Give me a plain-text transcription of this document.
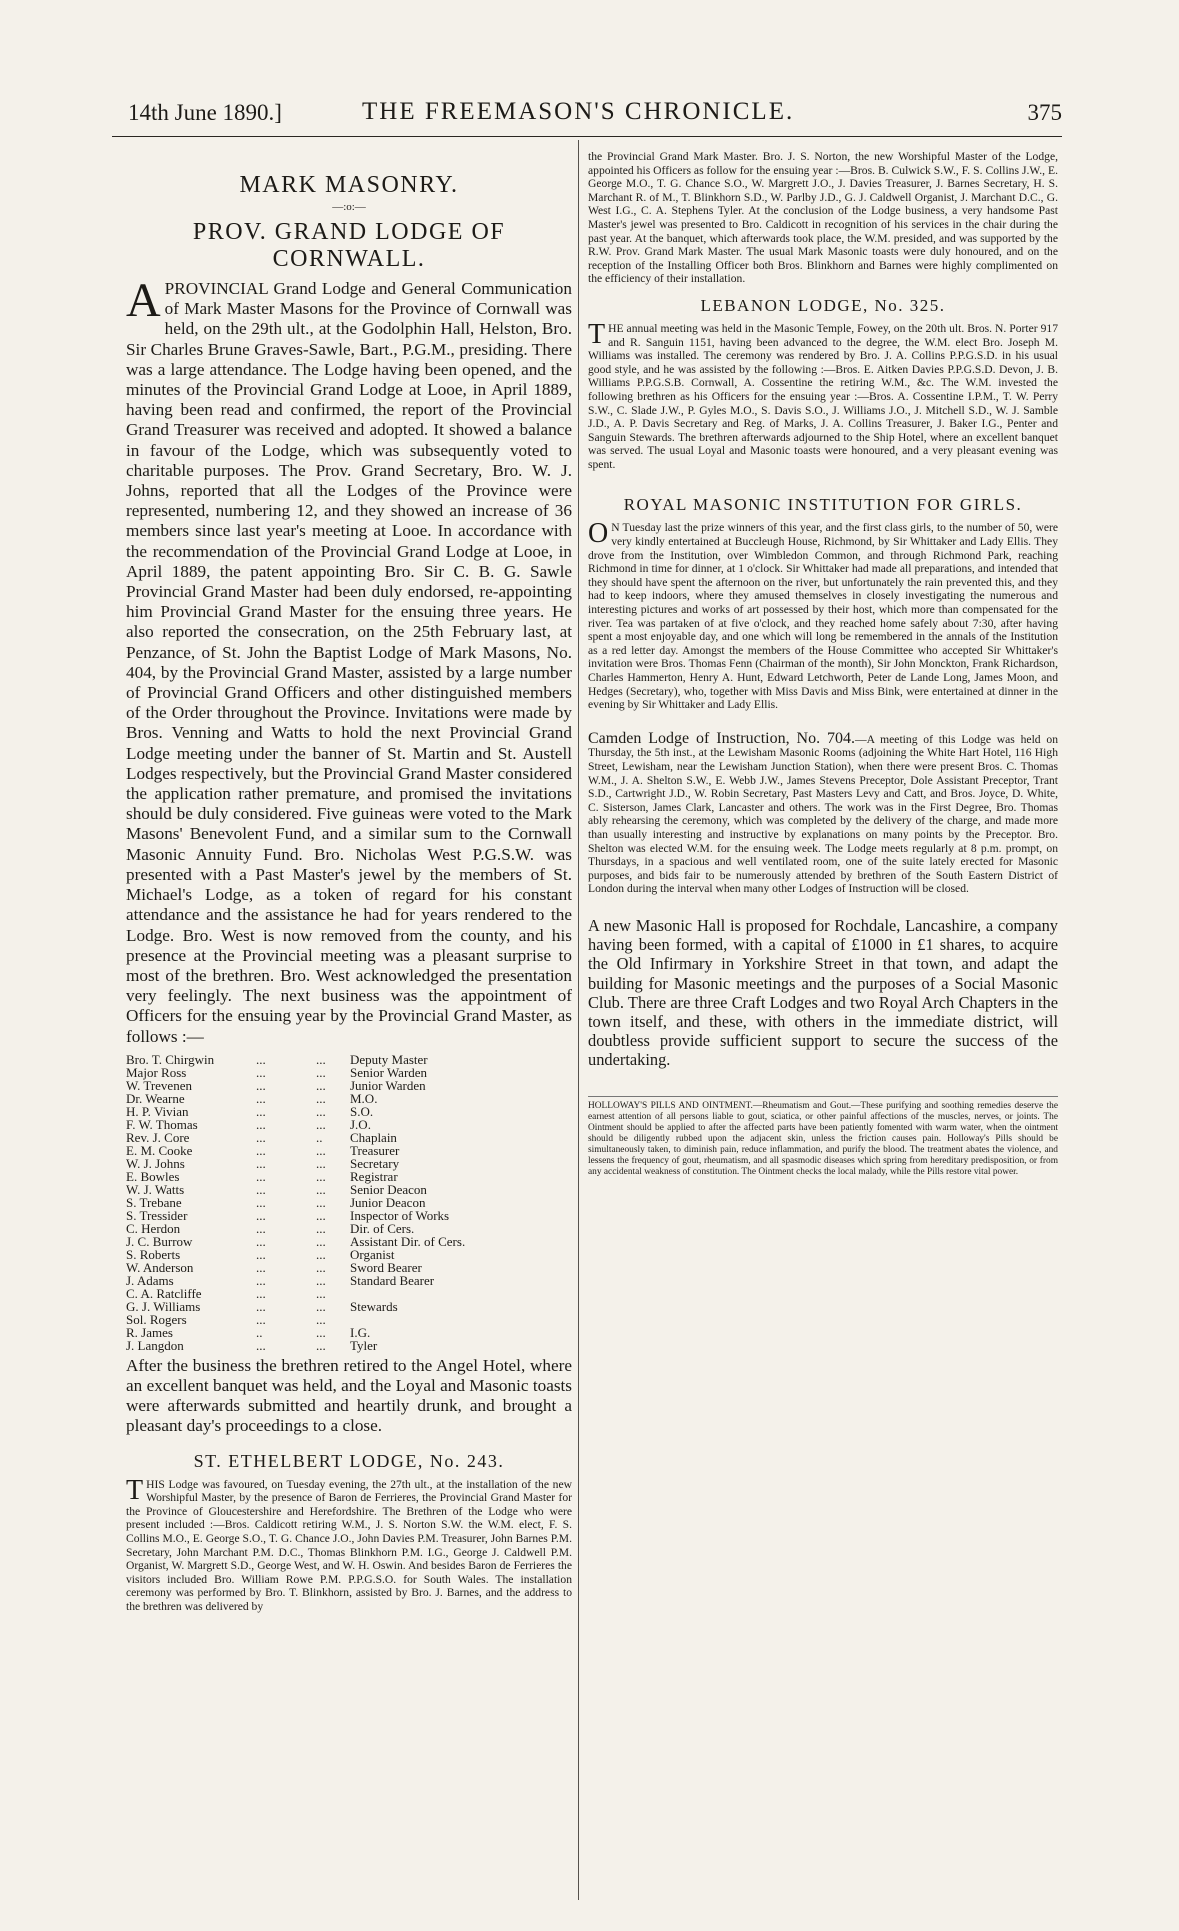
14th June 1890.]	THE FREEMASON'S CHRONICLE.	375
MARK MASONRY.
—:o:—
PROV. GRAND LODGE OF CORNWALL.

APROVINCIAL Grand Lodge and General Communication of Mark Master Masons for the Province of Cornwall was held, on the 29th ult., at the Godolphin Hall, Helston, Bro. Sir Charles Brune Graves-Sawle, Bart., P.G.M., presiding. There was a large attendance. The Lodge having been opened, and the minutes of the Provincial Grand Lodge at Looe, in April 1889, having been read and confirmed, the report of the Provincial Grand Treasurer was received and adopted. It showed a balance in favour of the Lodge, which was subsequently voted to charitable purposes. The Prov. Grand Secretary, Bro. W. J. Johns, reported that all the Lodges of the Province were represented, numbering 12, and they showed an increase of 36 members since last year's meeting at Looe. In accordance with the recommendation of the Provincial Grand Lodge at Looe, in April 1889, the patent appointing Bro. Sir C. B. G. Sawle Provincial Grand Master had been duly endorsed, re-appointing him Provincial Grand Master for the ensuing three years. He also reported the consecration, on the 25th February last, at Penzance, of St. John the Baptist Lodge of Mark Masons, No. 404, by the Provincial Grand Master, assisted by a large number of Provincial Grand Officers and other distinguished members of the Order throughout the Province. Invitations were made by Bros. Venning and Watts to hold the next Provincial Grand Lodge meeting under the banner of St. Martin and St. Austell Lodges respectively, but the Provincial Grand Master considered the application rather premature, and promised the invitations should be duly considered. Five guineas were voted to the Mark Masons' Benevolent Fund, and a similar sum to the Cornwall Masonic Annuity Fund. Bro. Nicholas West P.G.S.W. was presented with a Past Master's jewel by the members of St. Michael's Lodge, as a token of regard for his constant attendance and the assistance he had for years rendered to the Lodge. Bro. West is now removed from the county, and his presence at the Provincial meeting was a pleasant surprise to most of the brethren. Bro. West acknowledged the presentation very feelingly. The next business was the appointment of Officers for the ensuing year by the Provincial Grand Master, as follows :—

Bro. T. Chirgwin	...	...	Deputy Master
Major Ross	...	...	Senior Warden
W. Trevenen	...	...	Junior Warden
Dr. Wearne	...	...	M.O.
H. P. Vivian	...	...	S.O.
F. W. Thomas	...	...	J.O.
Rev. J. Core	...	..	Chaplain
E. M. Cooke	...	...	Treasurer
W. J. Johns	...	...	Secretary
E. Bowles	...	...	Registrar
W. J. Watts	...	...	Senior Deacon
S. Trebane	...	...	Junior Deacon
S. Tressider	...	...	Inspector of Works
C. Herdon	...	...	Dir. of Cers.
J. C. Burrow	...	...	Assistant Dir. of Cers.
S. Roberts	...	...	Organist
W. Anderson	...	...	Sword Bearer
J. Adams	...	...	Standard Bearer
C. A. Ratcliffe	...	...	
G. J. Williams	...	...	Stewards
Sol. Rogers	...	...	
R. James	..	...	I.G.
J. Langdon	...	...	Tyler

After the business the brethren retired to the Angel Hotel, where an excellent banquet was held, and the Loyal and Masonic toasts were afterwards submitted and heartily drunk, and brought a pleasant day's proceedings to a close.

ST. ETHELBERT LODGE, No. 243.

THIS Lodge was favoured, on Tuesday evening, the 27th ult., at the installation of the new Worshipful Master, by the presence of Baron de Ferrieres, the Provincial Grand Master for the Province of Gloucestershire and Herefordshire. The Brethren of the Lodge who were present included :—Bros. Caldicott retiring W.M., J. S. Norton S.W. the W.M. elect, F. S. Collins M.O., E. George S.O., T. G. Chance J.O., John Davies P.M. Treasurer, John Barnes P.M. Secretary, John Marchant P.M. D.C., Thomas Blinkhorn P.M. I.G., George J. Caldwell P.M. Organist, W. Margrett S.D., George West, and W. H. Oswin. And besides Baron de Ferrieres the visitors included Bro. William Rowe P.M. P.P.G.S.O. for South Wales. The installation ceremony was performed by Bro. T. Blinkhorn, assisted by Bro. J. Barnes, and the address to the brethren was delivered by

the Provincial Grand Mark Master. Bro. J. S. Norton, the new Worshipful Master of the Lodge, appointed his Officers as follow for the ensuing year :—Bros. B. Culwick S.W., F. S. Collins J.W., E. George M.O., T. G. Chance S.O., W. Margrett J.O., J. Davies Treasurer, J. Barnes Secretary, H. S. Marchant R. of M., T. Blinkhorn S.D., W. Parlby J.D., G. J. Caldwell Organist, J. Marchant D.C., G. West I.G., C. A. Stephens Tyler. At the conclusion of the Lodge business, a very handsome Past Master's jewel was presented to Bro. Caldicott in recognition of his services in the chair during the past year. At the banquet, which afterwards took place, the W.M. presided, and was supported by the R.W. Prov. Grand Mark Master. The usual Mark Masonic toasts were duly honoured, and on the reception of the Installing Officer both Bros. Blinkhorn and Barnes were highly complimented on the efficiency of their installation.

LEBANON LODGE, No. 325.

THE annual meeting was held in the Masonic Temple, Fowey, on the 20th ult. Bros. N. Porter 917 and R. Sanguin 1151, having been advanced to the degree, the W.M. elect Bro. Joseph M. Williams was installed. The ceremony was rendered by Bro. J. A. Collins P.P.G.S.D. in his usual good style, and he was assisted by the following :—Bros. E. Aitken Davies P.P.G.S.D. Devon, J. B. Williams P.P.G.S.B. Cornwall, A. Cossentine the retiring W.M., &c. The W.M. invested the following brethren as his Officers for the ensuing year :—Bros. A. Cossentine I.P.M., T. W. Perry S.W., C. Slade J.W., P. Gyles M.O., S. Davis S.O., J. Williams J.O., J. Mitchell S.D., W. J. Samble J.D., A. P. Davis Secretary and Reg. of Marks, J. A. Collins Treasurer, J. Baker I.G., Penter and Sanguin Stewards. The brethren afterwards adjourned to the Ship Hotel, where an excellent banquet was served. The usual Loyal and Masonic toasts were honoured, and a very pleasant evening was spent.

ROYAL MASONIC INSTITUTION FOR GIRLS.

O N Tuesday last the prize winners of this year, and the first class girls, to the number of 50, were very kindly entertained at Buccleugh House, Richmond, by Sir Whittaker and Lady Ellis. They drove from the Institution, over Wimbledon Common, and through Richmond Park, reaching Richmond in time for dinner, at 1 o'clock. Sir Whittaker had made all preparations, and intended that they should have spent the afternoon on the river, but unfortunately the rain prevented this, and they had to keep indoors, where they amused themselves in closely investigating the numerous and interesting pictures and works of art possessed by their host, which more than compensated for the river. Tea was partaken of at five o'clock, and they reached home safely about 7:30, after having spent a most enjoyable day, and one which will long be remembered in the annals of the Institution as a red letter day. Amongst the members of the House Committee who accepted Sir Whittaker's invitation were Bros. Thomas Fenn (Chairman of the month), Sir John Monckton, Frank Richardson, Charles Hammerton, Henry A. Hunt, Edward Letchworth, Peter de Lande Long, James Moon, and Hedges (Secretary), who, together with Miss Davis and Miss Bink, were entertained at dinner in the evening by Sir Whittaker and Lady Ellis.

Camden Lodge of Instruction, No. 704.—A meeting of this Lodge was held on Thursday, the 5th inst., at the Lewisham Masonic Rooms (adjoining the White Hart Hotel, 116 High Street, Lewisham, near the Lewisham Junction Station), when there were present Bros. C. Thomas W.M., J. A. Shelton S.W., E. Webb J.W., James Stevens Preceptor, Dole Assistant Preceptor, Trant S.D., Cartwright J.D., W. Robin Secretary, Past Masters Levy and Catt, and Bros. Joyce, D. White, C. Sisterson, James Clark, Lancaster and others. The work was in the First Degree, Bro. Thomas ably rehearsing the ceremony, which was completed by the delivery of the charge, and made more than usually interesting and instructive by explanations on many points by the Preceptor. Bro. Shelton was elected W.M. for the ensuing week. The Lodge meets regularly at 8 p.m. prompt, on Thursdays, in a spacious and well ventilated room, one of the suite lately erected for Masonic purposes, and bids fair to be numerously attended by brethren of the South Eastern District of London during the interval when many other Lodges of Instruction will be closed.

A new Masonic Hall is proposed for Rochdale, Lancashire, a company having been formed, with a capital of £1000 in £1 shares, to acquire the Old Infirmary in Yorkshire Street in that town, and adapt the building for Masonic meetings and the purposes of a Social Masonic Club. There are three Craft Lodges and two Royal Arch Chapters in the town itself, and these, with others in the immediate district, will doubtless provide sufficient support to secure the success of the undertaking.

HOLLOWAY'S PILLS AND OINTMENT.—Rheumatism and Gout.—These purifying and soothing remedies deserve the earnest attention of all persons liable to gout, sciatica, or other painful affections of the muscles, nerves, or joints. The Ointment should be applied to after the affected parts have been patiently fomented with warm water, when the ointment should be diligently rubbed upon the adjacent skin, unless the friction causes pain. Holloway's Pills should be simultaneously taken, to diminish pain, reduce inflammation, and purify the blood. The treatment abates the violence, and lessens the frequency of gout, rheumatism, and all spasmodic diseases which spring from hereditary predisposition, or from any accidental weakness of constitution. The Ointment checks the local malady, while the Pills restore vital power.
